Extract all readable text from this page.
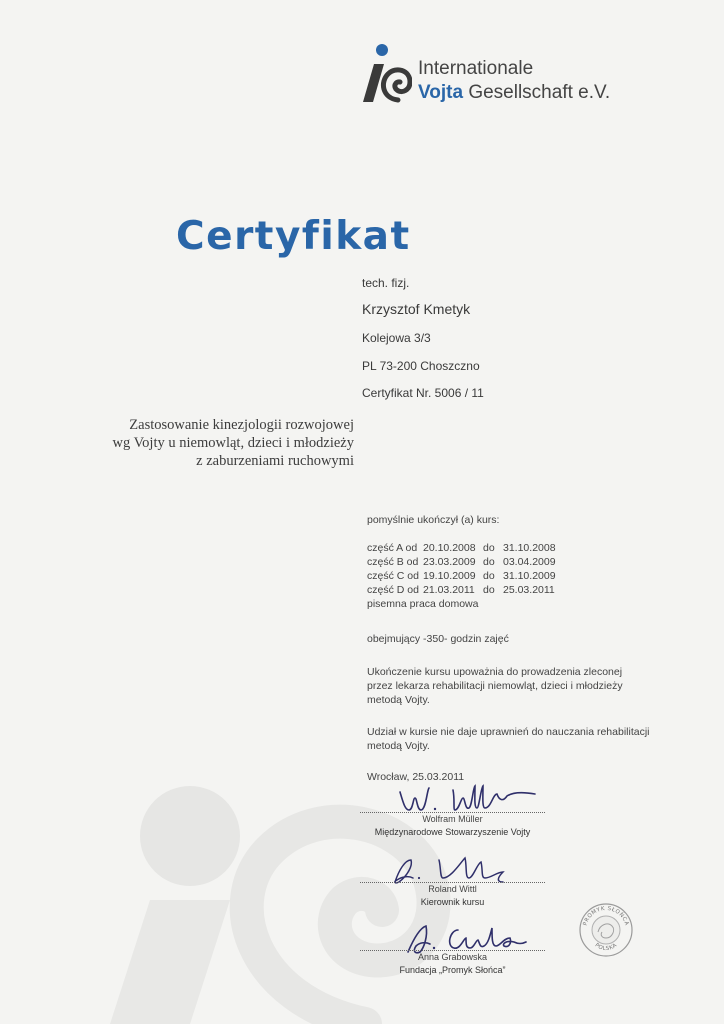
Internationale
Vojta Gesellschaft e.V.
Certyfikat
tech. fizj.
Krzysztof Kmetyk
Kolejowa 3/3
PL 73-200 Choszczno
Certyfikat Nr. 5006 / 11
Zastosowanie kinezjologii rozwojowej
wg Vojty u niemowląt, dzieci i młodzieży
z zaburzeniami ruchowymi
pomyślnie ukończył (a) kurs:
część A od 20.10.2008 do 31.10.2008
część B od 23.03.2009 do 03.04.2009
część C od 19.10.2009 do 31.10.2009
część D od 21.03.2011 do 25.03.2011
pisemna praca domowa
obejmujący -350- godzin zajęć
Ukończenie kursu upoważnia do prowadzenia zleconej
przez lekarza rehabilitacji niemowląt, dzieci i młodzieży
metodą Vojty.
Udział w kursie nie daje uprawnień do nauczania rehabilitacji
metodą Vojty.
Wrocław, 25.03.2011
Wolfram Müller
Międzynarodowe Stowarzyszenie Vojty
Roland Wittl
Kierownik kursu
Anna Grabowska
Fundacja „Promyk Słońca”
PROMYK SŁOŃCA
POLSKA
